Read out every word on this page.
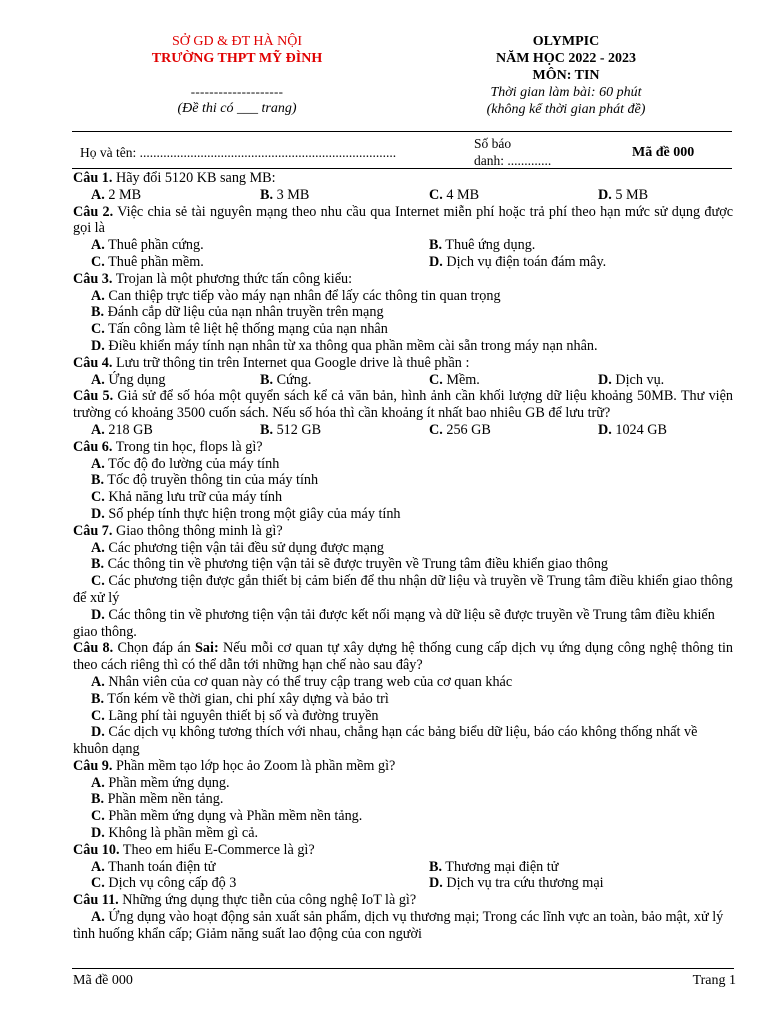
SỞ GD & ĐT HÀ NỘI
TRƯỜNG THPT MỸ ĐÌNH
--------------------
(Đề thi có ___ trang)
OLYMPIC
NĂM HỌC 2022 - 2023
MÔN: TIN
Thời gian làm bài: 60 phút
(không kể thời gian phát đề)
Họ và tên: ............................................................................
Số báo
danh: .............
Mã đề 000
Câu 1. Hãy đổi 5120 KB sang MB:
A. 2 MB	B. 3 MB	C. 4 MB	D. 5 MB
Câu 2. Việc chia sẻ tài nguyên mạng theo nhu cầu qua Internet miễn phí hoặc trả phí theo hạn mức sử dụng được gọi là
A. Thuê phần cứng.	B. Thuê ứng dụng.
C. Thuê phần mềm.	D. Dịch vụ điện toán đám mây.
Câu 3. Trojan là một phương thức tấn công kiểu:
A. Can thiệp trực tiếp vào máy nạn nhân để lấy các thông tin quan trọng
B. Đánh cắp dữ liệu của nạn nhân truyền trên mạng
C. Tấn công làm tê liệt hệ thống mạng của nạn nhân
D. Điều khiển máy tính nạn nhân từ xa thông qua phần mềm cài sẵn trong máy nạn nhân.
Câu 4. Lưu trữ thông tin trên Internet qua Google drive là thuê phần :
A. Ứng dụng	B. Cứng.	C. Mềm.	D. Dịch vụ.
Câu 5. Giả sử để số hóa một quyển sách kể cả văn bản, hình ảnh cần khối lượng dữ liệu khoảng 50MB. Thư viện trường có khoảng 3500 cuốn sách. Nếu số hóa thì cần khoảng ít nhất bao nhiêu GB để lưu trữ?
A. 218 GB	B. 512 GB	C. 256 GB	D. 1024 GB
Câu 6. Trong tin học, flops là gì?
A. Tốc độ đo lường của máy tính
B. Tốc độ truyền thông tin của máy tính
C. Khả năng lưu trữ của máy tính
D. Số phép tính thực hiện trong một giây của máy tính
Câu 7. Giao thông thông minh là gì?
A. Các phương tiện vận tải đều sử dụng được mạng
B. Các thông tin về phương tiện vận tải sẽ được truyền về Trung tâm điều khiển giao thông
C. Các phương tiện được gắn thiết bị cảm biến để thu nhận dữ liệu và truyền về Trung tâm điều khiển giao thông để xử lý
D. Các thông tin về phương tiện vận tải được kết nối mạng và dữ liệu sẽ được truyền về Trung tâm điều khiển giao thông.
Câu 8. Chọn đáp án Sai: Nếu mỗi cơ quan tự xây dựng hệ thống cung cấp dịch vụ ứng dụng công nghệ thông tin theo cách riêng thì có thể dẫn tới những hạn chế nào sau đây?
A. Nhân viên của cơ quan này có thể truy cập trang web của cơ quan khác
B. Tốn kém về thời gian, chi phí xây dựng và bảo trì
C. Lãng phí tài nguyên thiết bị số và đường truyền
D. Các dịch vụ không tương thích với nhau, chẳng hạn các bảng biểu dữ liệu, báo cáo không thống nhất về khuôn dạng
Câu 9. Phần mềm tạo lớp học ảo Zoom là phần mềm gì?
A. Phần mềm ứng dụng.
B. Phần mềm nền tảng.
C. Phần mềm ứng dụng và Phần mềm nền tảng.
D. Không là phần mềm gì cả.
Câu 10. Theo em hiểu E-Commerce là gì?
A. Thanh toán điện tử	B. Thương mại điện tử
C. Dịch vụ công cấp độ 3	D. Dịch vụ tra cứu thương mại
Câu 11. Những ứng dụng thực tiễn của công nghệ IoT là gì?
A. Ứng dụng vào hoạt động sản xuất sản phẩm, dịch vụ thương mại; Trong các lĩnh vực an toàn, bảo mật, xử lý tình huống khẩn cấp; Giảm năng suất lao động của con người
Mã đề 000	Trang 1
